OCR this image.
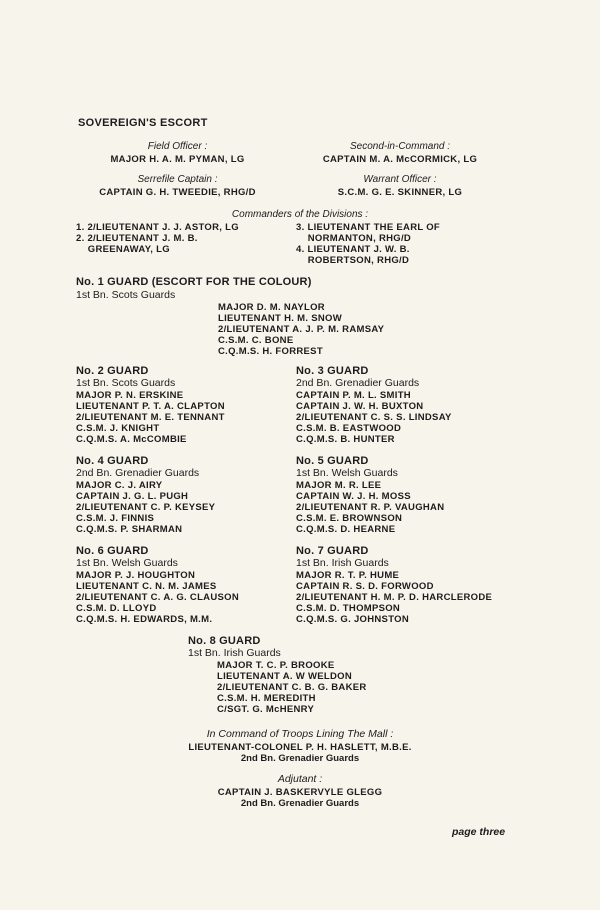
SOVEREIGN'S ESCORT
Field Officer :
MAJOR H. A. M. PYMAN, LG
Second-in-Command :
CAPTAIN M. A. McCORMICK, LG
Serrefile Captain :
CAPTAIN G. H. TWEEDIE, RHG/D
Warrant Officer :
S.C.M. G. E. SKINNER, LG
Commanders of the Divisions :
1. 2/LIEUTENANT J. J. ASTOR, LG
2. 2/LIEUTENANT J. M. B.
GREENAWAY, LG
3. LIEUTENANT THE EARL OF
NORMANTON, RHG/D
4. LIEUTENANT J. W. B.
ROBERTSON, RHG/D
No. 1 GUARD (ESCORT FOR THE COLOUR)
1st Bn. Scots Guards
MAJOR D. M. NAYLOR
LIEUTENANT H. M. SNOW
2/LIEUTENANT A. J. P. M. RAMSAY
C.S.M. C. BONE
C.Q.M.S. H. FORREST
No. 2 GUARD
1st Bn. Scots Guards
MAJOR P. N. ERSKINE
LIEUTENANT P. T. A. CLAPTON
2/LIEUTENANT M. E. TENNANT
C.S.M. J. KNIGHT
C.Q.M.S. A. McCOMBIE
No. 3 GUARD
2nd Bn. Grenadier Guards
CAPTAIN P. M. L. SMITH
CAPTAIN J. W. H. BUXTON
2/LIEUTENANT C. S. S. LINDSAY
C.S.M. B. EASTWOOD
C.Q.M.S. B. HUNTER
No. 4 GUARD
2nd Bn. Grenadier Guards
MAJOR C. J. AIRY
CAPTAIN J. G. L. PUGH
2/LIEUTENANT C. P. KEYSEY
C.S.M. J. FINNIS
C.Q.M.S. P. SHARMAN
No. 5 GUARD
1st Bn. Welsh Guards
MAJOR M. R. LEE
CAPTAIN W. J. H. MOSS
2/LIEUTENANT R. P. VAUGHAN
C.S.M. E. BROWNSON
C.Q.M.S. D. HEARNE
No. 6 GUARD
1st Bn. Welsh Guards
MAJOR P. J. HOUGHTON
LIEUTENANT C. N. M. JAMES
2/LIEUTENANT C. A. G. CLAUSON
C.S.M. D. LLOYD
C.Q.M.S. H. EDWARDS, M.M.
No. 7 GUARD
1st Bn. Irish Guards
MAJOR R. T. P. HUME
CAPTAIN R. S. D. FORWOOD
2/LIEUTENANT H. M. P. D. HARCLERODE
C.S.M. D. THOMPSON
C.Q.M.S. G. JOHNSTON
No. 8 GUARD
1st Bn. Irish Guards
MAJOR T. C. P. BROOKE
LIEUTENANT A. W WELDON
2/LIEUTENANT C. B. G. BAKER
C.S.M. H. MEREDITH
C/SGT. G. McHENRY
In Command of Troops Lining The Mall :
LIEUTENANT-COLONEL P. H. HASLETT, M.B.E.
2nd Bn. Grenadier Guards
Adjutant :
CAPTAIN J. BASKERVYLE GLEGG
2nd Bn. Grenadier Guards
page three
